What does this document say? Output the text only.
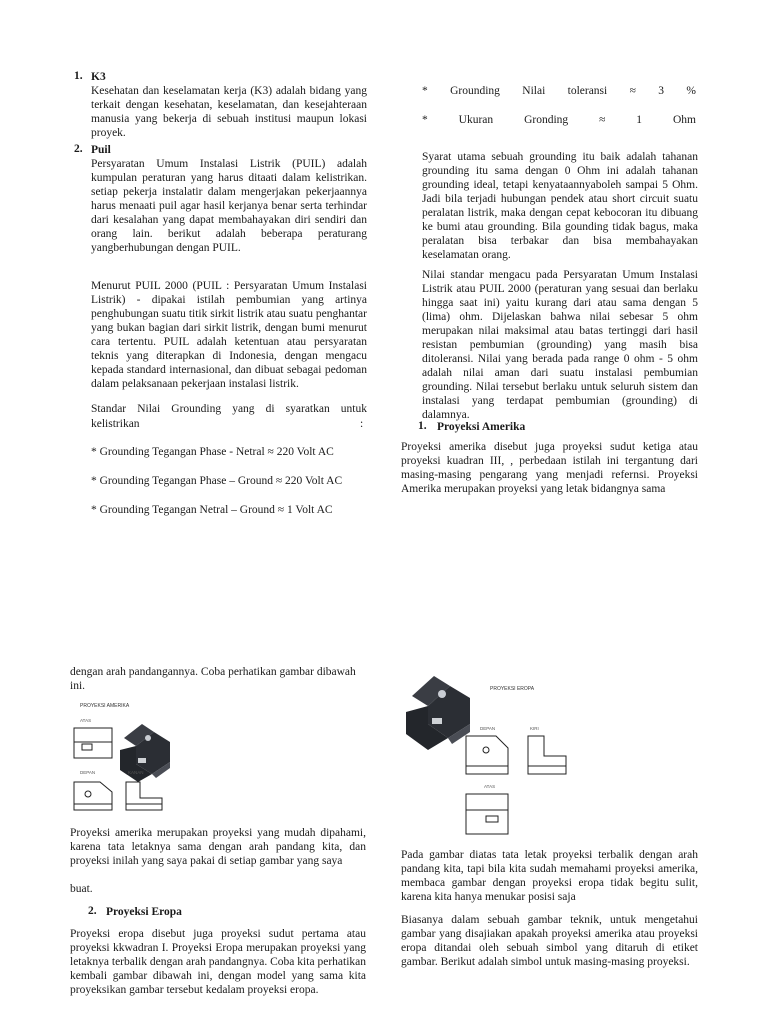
1. K3
Kesehatan dan keselamatan kerja (K3) adalah bidang yang terkait dengan kesehatan, keselamatan, dan kesejahteraan manusia yang bekerja di sebuah institusi maupun lokasi proyek.
2. Puil
Persyaratan Umum Instalasi Listrik (PUIL) adalah kumpulan peraturan yang harus ditaati dalam kelistrikan. setiap pekerja instalatir dalam mengerjakan pekerjaannya harus menaati puil agar hasil kerjanya benar serta terhindar dari kesalahan yang dapat membahayakan diri sendiri dan orang lain. berikut adalah beberapa peraturang yangberhubungan dengan PUIL.
Menurut PUIL 2000 (PUIL : Persyaratan Umum Instalasi Listrik) - dipakai istilah pembumian yang artinya penghubungan suatu titik sirkit listrik atau suatu penghantar yang bukan bagian dari sirkit listrik, dengan bumi menurut cara tertentu. PUIL adalah ketentuan atau persyaratan teknis yang diterapkan di Indonesia, dengan mengacu kepada standard internasional, dan dibuat sebagai pedoman dalam pelaksanaan pekerjaan instalasi listrik.
Standar Nilai Grounding yang di syaratkan untuk
kelistrikan	:
* Grounding Tegangan Phase - Netral ≈ 220 Volt AC
* Grounding Tegangan Phase – Ground ≈ 220 Volt AC
* Grounding Tegangan Netral – Ground ≈ 1 Volt AC
dengan arah pandangannya. Coba perhatikan gambar dibawah ini.
PROYEKSI AMERIKA
ATAS
DEPAN	KANAN
Proyeksi amerika merupakan proyeksi yang mudah dipahami, karena tata letaknya sama dengan arah pandang kita, dan proyeksi inilah yang saya pakai di setiap gambar yang saya
buat.
2. Proyeksi Eropa
Proyeksi eropa disebut juga proyeksi sudut pertama atau proyeksi kkwadran I. Proyeksi Eropa merupakan proyeksi yang letaknya terbalik dengan arah pandangnya. Coba kita perhatikan kembali gambar dibawah ini, dengan model yang sama kita proyeksikan gambar tersebut kedalam proyeksi eropa.
* Grounding Nilai toleransi ≈ 3 %
*	Ukuran	Gronding	≈	1	Ohm
Syarat utama sebuah grounding itu baik adalah tahanan grounding itu sama dengan 0 Ohm ini adalah tahanan grounding ideal, tetapi kenyataannyaboleh sampai 5 Ohm. Jadi bila terjadi hubungan pendek atau short circuit suatu peralatan listrik, maka dengan cepat kebocoran itu dibuang ke bumi atau grounding. Bila gounding tidak bagus, maka peralatan bisa terbakar dan bisa membahayakan keselamatan orang.
Nilai standar mengacu pada Persyaratan Umum Instalasi Listrik atau PUIL 2000 (peraturan yang sesuai dan berlaku hingga saat ini) yaitu kurang dari atau sama dengan 5 (lima) ohm. Dijelaskan bahwa nilai sebesar 5 ohm merupakan nilai maksimal atau batas tertinggi dari hasil resistan pembumian (grounding) yang masih bisa ditoleransi. Nilai yang berada pada range 0 ohm - 5 ohm adalah nilai aman dari suatu instalasi pembumian grounding. Nilai tersebut berlaku untuk seluruh sistem dan instalasi yang terdapat pembumian (grounding) di dalamnya.
1. Proyeksi Amerika
Proyeksi amerika disebut juga proyeksi sudut ketiga atau proyeksi kuadran III, , perbedaan istilah ini tergantung dari masing-masing pengarang yang menjadi refernsi. Proyeksi Amerika merupakan proyeksi yang letak bidangnya sama
PROYEKSI EROPA
DEPAN	KIRI
ATAS
Pada gambar diatas tata letak proyeksi terbalik dengan arah pandang kita, tapi bila kita sudah memahami proyeksi amerika, membaca gambar dengan proyeksi eropa tidak begitu sulit, karena kita hanya menukar posisi saja
Biasanya dalam sebuah gambar teknik, untuk mengetahui gambar yang disajiakan apakah proyeksi amerika atau proyeksi eropa ditandai oleh sebuah simbol yang ditaruh di etiket gambar. Berikut adalah simbol untuk masing-masing proyeksi.
